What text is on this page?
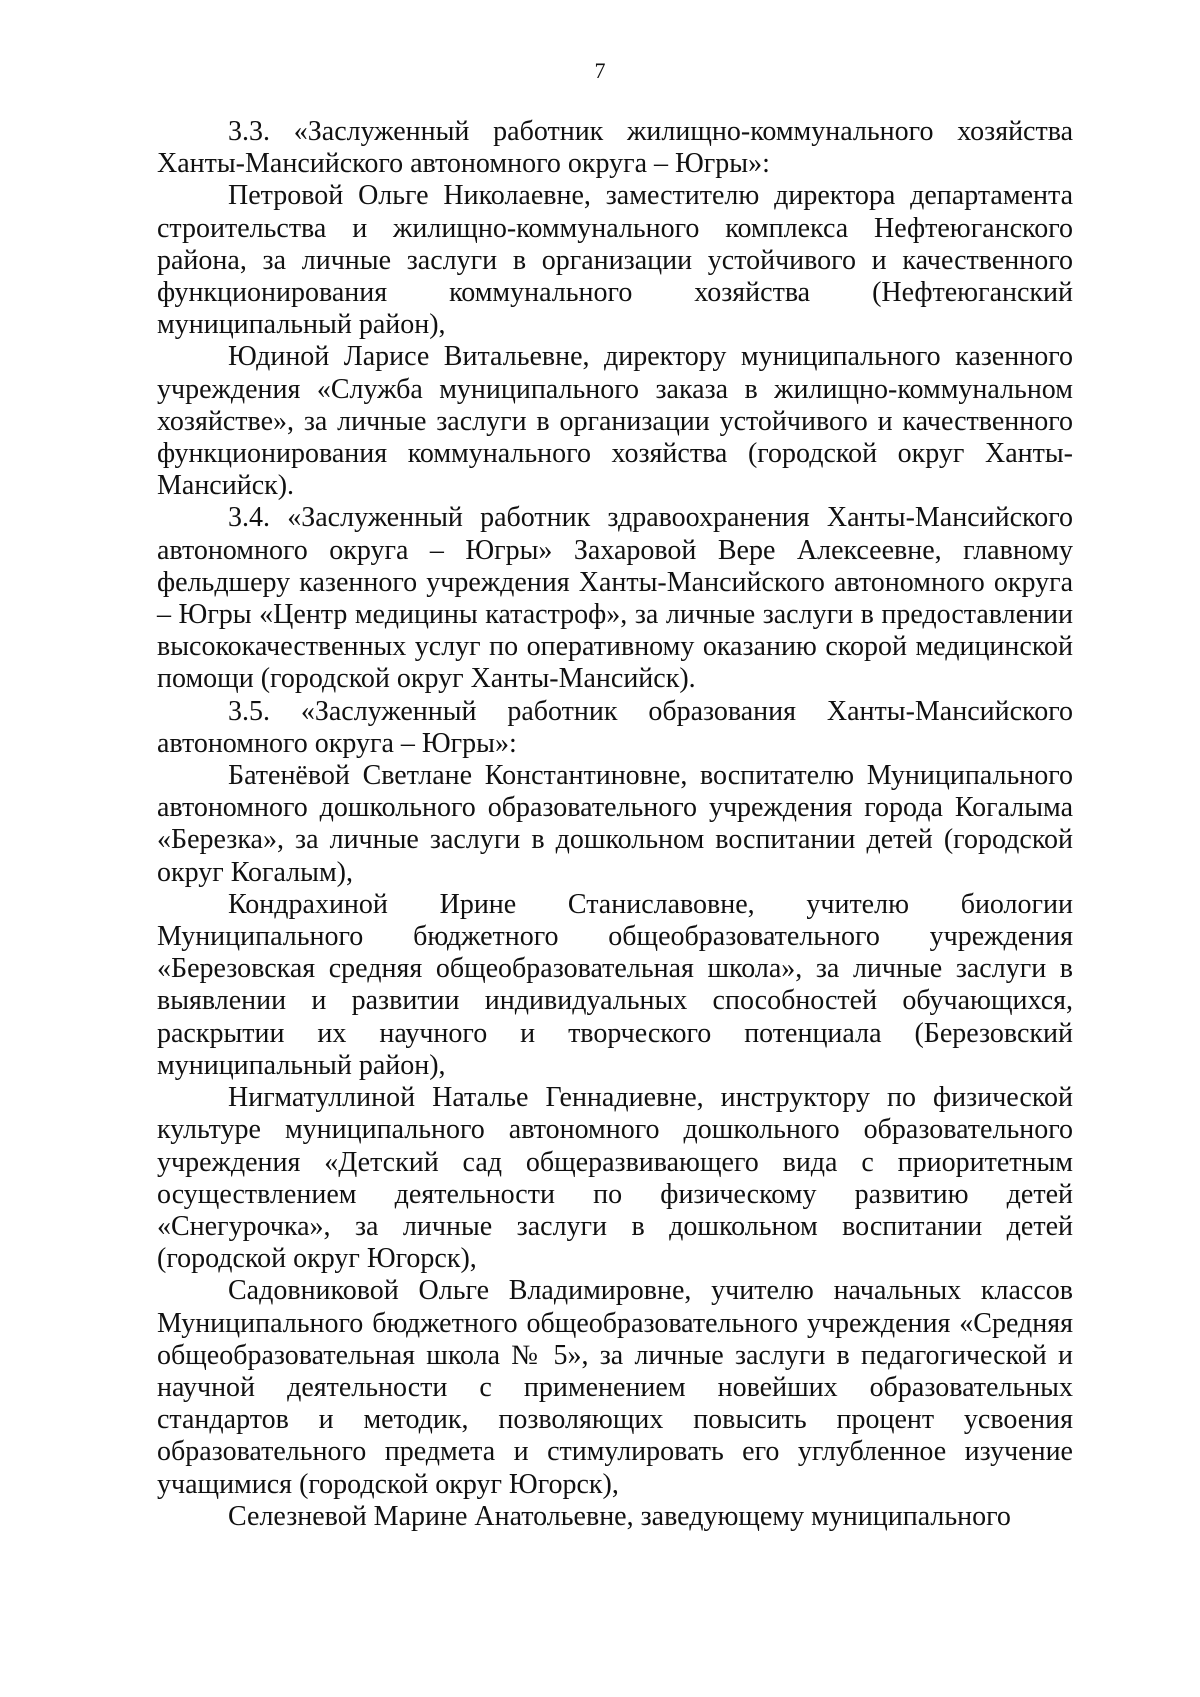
7

3.3. «Заслуженный работник жилищно-коммунального хозяйства Ханты-Мансийского автономного округа – Югры»:

Петровой Ольге Николаевне, заместителю директора департамента строительства и жилищно-коммунального комплекса Нефтеюганского района, за личные заслуги в организации устойчивого и качественного функционирования коммунального хозяйства (Нефтеюганский муниципальный район),

Юдиной Ларисе Витальевне, директору муниципального казенного учреждения «Служба муниципального заказа в жилищно-коммунальном хозяйстве», за личные заслуги в организации устойчивого и качественного функционирования коммунального хозяйства (городской округ Ханты-Мансийск).

3.4. «Заслуженный работник здравоохранения Ханты-Мансийского автономного округа – Югры» Захаровой Вере Алексеевне, главному фельдшеру казенного учреждения Ханты-Мансийского автономного округа – Югры «Центр медицины катастроф», за личные заслуги в предоставлении высококачественных услуг по оперативному оказанию скорой медицинской помощи (городской округ Ханты-Мансийск).

3.5. «Заслуженный работник образования Ханты-Мансийского автономного округа – Югры»:

Батенёвой Светлане Константиновне, воспитателю Муниципального автономного дошкольного образовательного учреждения города Когалыма «Березка», за личные заслуги в дошкольном воспитании детей (городской округ Когалым),

Кондрахиной Ирине Станиславовне, учителю биологии Муниципального бюджетного общеобразовательного учреждения «Березовская средняя общеобразовательная школа», за личные заслуги в выявлении и развитии индивидуальных способностей обучающихся, раскрытии их научного и творческого потенциала (Березовский муниципальный район),

Нигматуллиной Наталье Геннадиевне, инструктору по физической культуре муниципального автономного дошкольного образовательного учреждения «Детский сад общеразвивающего вида с приоритетным осуществлением деятельности по физическому развитию детей «Снегурочка», за личные заслуги в дошкольном воспитании детей (городской округ Югорск),

Садовниковой Ольге Владимировне, учителю начальных классов Муниципального бюджетного общеобразовательного учреждения «Средняя общеобразовательная школа № 5», за личные заслуги в педагогической и научной деятельности с применением новейших образовательных стандартов и методик, позволяющих повысить процент усвоения образовательного предмета и стимулировать его углубленное изучение учащимися (городской округ Югорск),

Селезневой Марине Анатольевне, заведующему муниципального
